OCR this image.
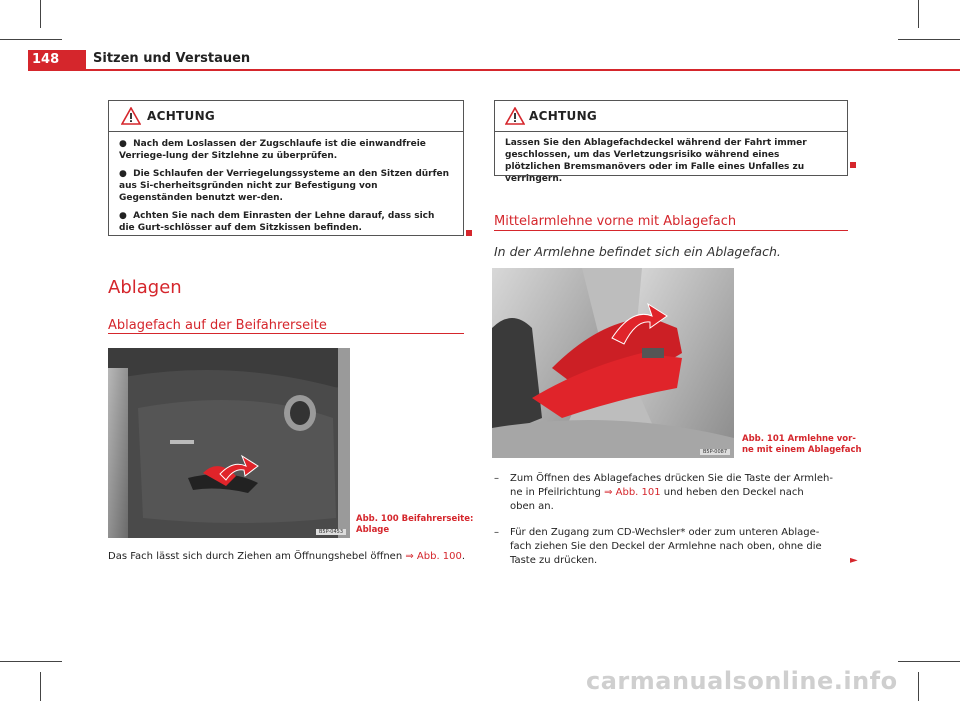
148	Sitzen und Verstauen
ACHTUNG

●  Nach dem Loslassen der Zugschlaufe ist die einwandfreie Verriege-lung der Sitzlehne zu überprüfen.

●  Die Schlaufen der Verriegelungssysteme an den Sitzen dürfen aus Si-cherheitsgründen nicht zur Befestigung von Gegenständen benutzt wer-den.

●  Achten Sie nach dem Einrasten der Lehne darauf, dass sich die Gurt-schlösser auf dem Sitzkissen befinden.

Ablagen
Ablagefach auf der Beifahrerseite
B5P-0453
Abb. 100 Beifahrerseite:
Ablage
Das Fach lässt sich durch Ziehen am Öffnungshebel öffnen ⇒ Abb. 100.
ACHTUNG
Lassen Sie den Ablagefachdeckel während der Fahrt immer geschlossen, um das Verletzungsrisiko während eines plötzlichen Bremsmanövers oder im Falle eines Unfalles zu verringern.
Mittelarmlehne vorne mit Ablagefach
In der Armlehne befindet sich ein Ablagefach.
B5P-0087
Abb. 101 Armlehne vor-
ne mit einem Ablagefach
– Zum Öffnen des Ablagefaches drücken Sie die Taste der Armleh-
ne in Pfeilrichtung ⇒ Abb. 101 und heben den Deckel nach
oben an.
– Für den Zugang zum CD-Wechsler* oder zum unteren Ablage-
fach ziehen Sie den Deckel der Armlehne nach oben, ohne die
Taste zu drücken.	►
carmanualsonline.info
